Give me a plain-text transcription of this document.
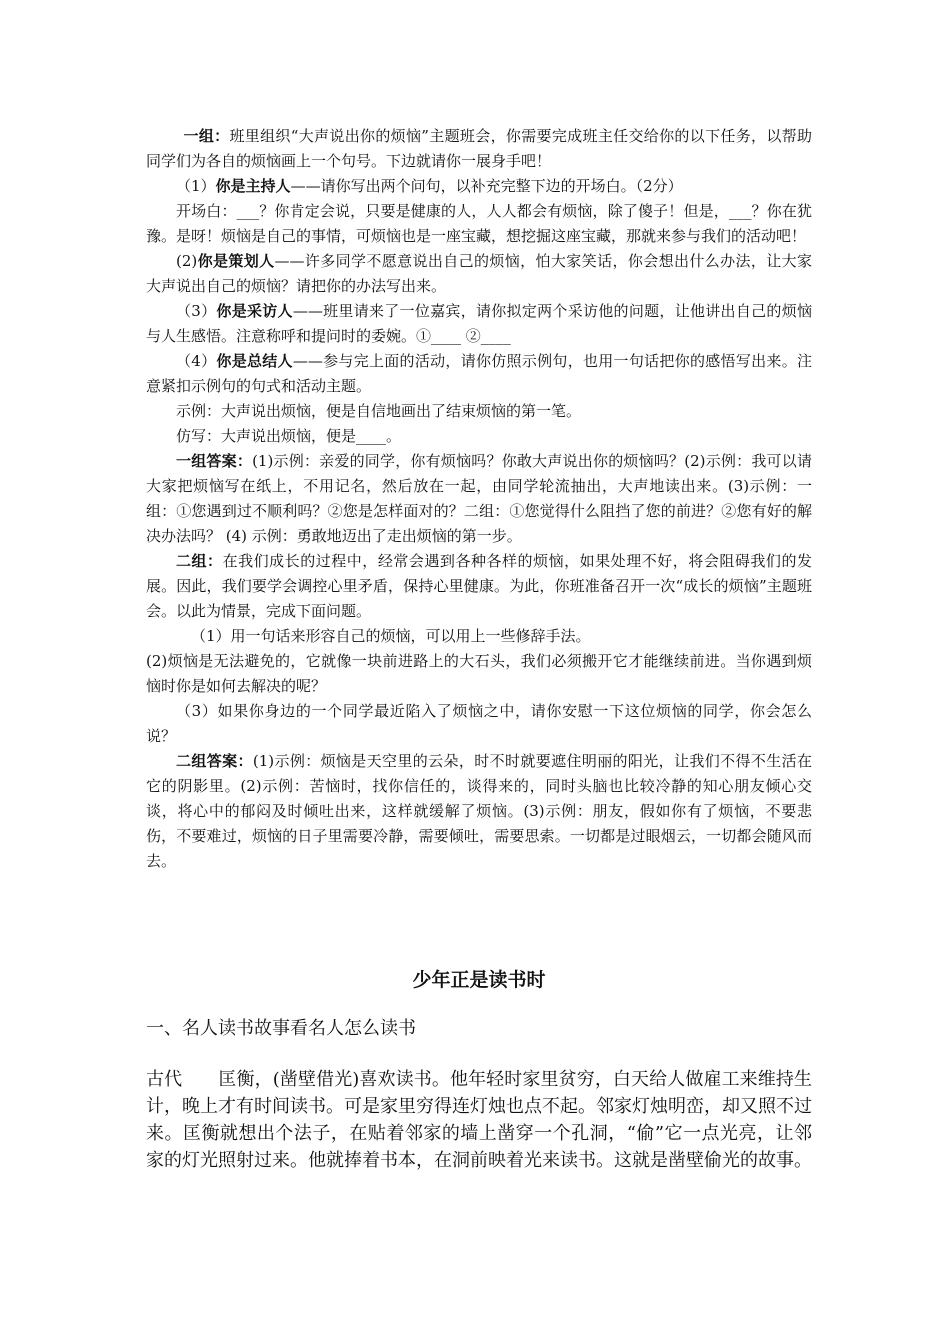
一组：班里组织“大声说出你的烦恼”主题班会，你需要完成班主任交给你的以下任务，以帮助同学们为各自的烦恼画上一个句号。下边就请你一展身手吧！

（1）你是主持人——请你写出两个问句，以补充完整下边的开场白。（2分）

开场白：___？你肯定会说，只要是健康的人，人人都会有烦恼，除了傻子！但是，___？你在犹豫。是呀！烦恼是自己的事情，可烦恼也是一座宝藏，想挖掘这座宝藏，那就来参与我们的活动吧！

(2)你是策划人——许多同学不愿意说出自己的烦恼，怕大家笑话，你会想出什么办法，让大家大声说出自己的烦恼？请把你的办法写出来。

（3）你是采访人——班里请来了一位嘉宾，请你拟定两个采访他的问题，让他讲出自己的烦恼与人生感悟。注意称呼和提问时的委婉。①____ ②____

（4）你是总结人——参与完上面的活动，请你仿照示例句，也用一句话把你的感悟写出来。注意紧扣示例句的句式和活动主题。

示例：大声说出烦恼，便是自信地画出了结束烦恼的第一笔。

仿写：大声说出烦恼，便是____。

一组答案：(1)示例：亲爱的同学，你有烦恼吗？你敢大声说出你的烦恼吗？(2)示例：我可以请大家把烦恼写在纸上，不用记名，然后放在一起，由同学轮流抽出，大声地读出来。(3)示例：一组：①您遇到过不顺利吗？②您是怎样面对的？二组：①您觉得什么阻挡了您的前进？②您有好的解决办法吗？ (4) 示例：勇敢地迈出了走出烦恼的第一步。

二组：在我们成长的过程中，经常会遇到各种各样的烦恼，如果处理不好，将会阻碍我们的发展。因此，我们要学会调控心里矛盾，保持心里健康。为此，你班准备召开一次“成长的烦恼”主题班会。以此为情景，完成下面问题。

（1）用一句话来形容自己的烦恼，可以用上一些修辞手法。

(2)烦恼是无法避免的，它就像一块前进路上的大石头，我们必须搬开它才能继续前进。当你遇到烦恼时你是如何去解决的呢？

（3）如果你身边的一个同学最近陷入了烦恼之中，请你安慰一下这位烦恼的同学，你会怎么说？

二组答案：(1)示例：烦恼是天空里的云朵，时不时就要遮住明丽的阳光，让我们不得不生活在它的阴影里。(2)示例：苦恼时，找你信任的，谈得来的，同时头脑也比较冷静的知心朋友倾心交谈，将心中的郁闷及时倾吐出来，这样就缓解了烦恼。(3)示例：朋友，假如你有了烦恼，不要悲伤，不要难过，烦恼的日子里需要冷静，需要倾吐，需要思索。一切都是过眼烟云，一切都会随风而去。

少年正是读书时

一、名人读书故事看名人怎么读书

古代　　匡衡，(凿壁借光)喜欢读书。他年轻时家里贫穷，白天给人做雇工来维持生计，晚上才有时间读书。可是家里穷得连灯烛也点不起。邻家灯烛明峦，却又照不过来。匡衡就想出个法子，在贴着邻家的墙上凿穿一个孔洞，“偷”它一点光亮，让邻家的灯光照射过来。他就捧着书本，在洞前映着光来读书。这就是凿壁偷光的故事。
